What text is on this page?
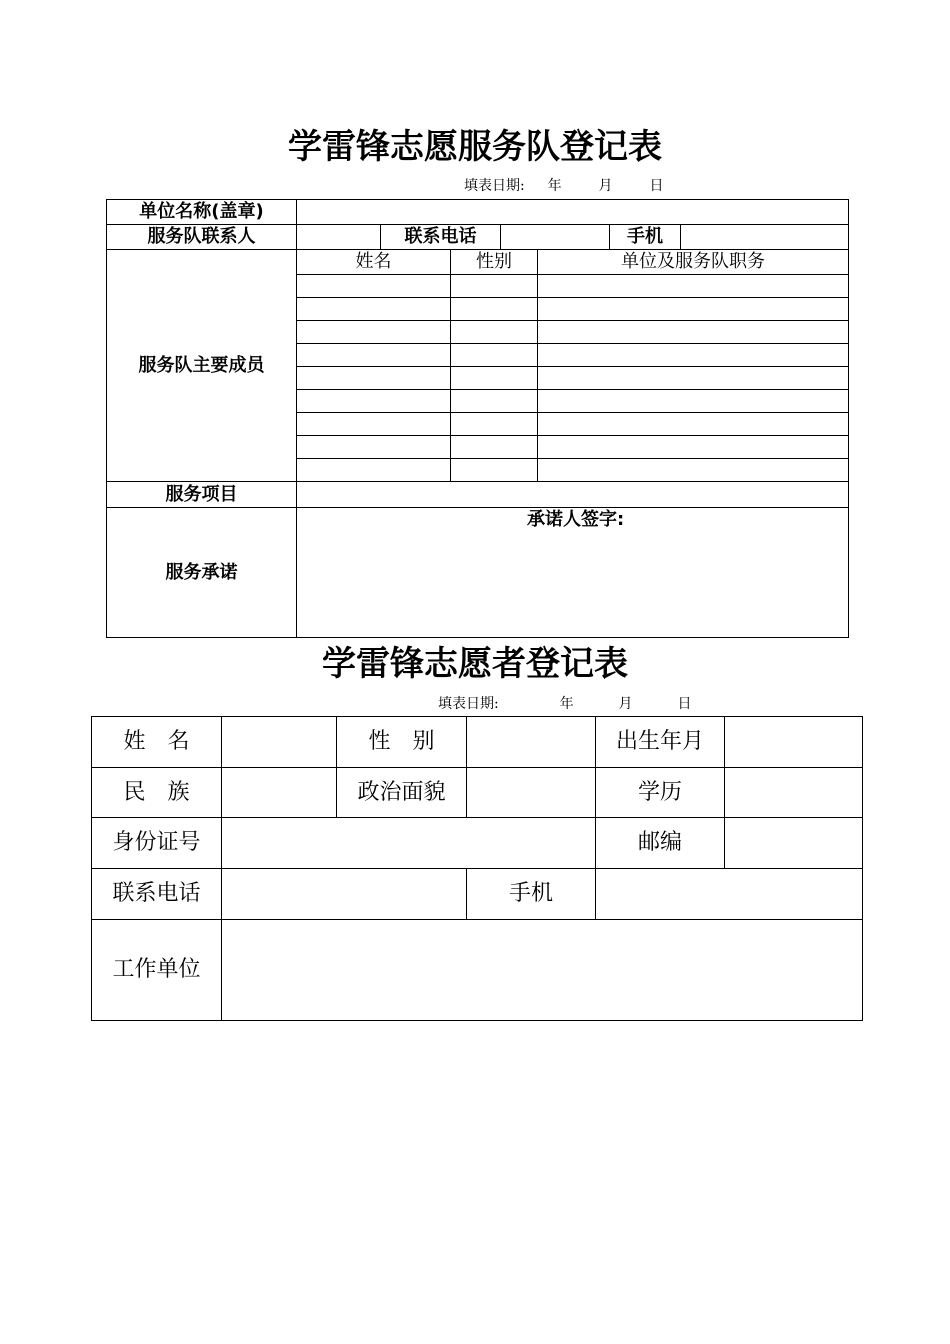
学雷锋志愿服务队登记表
填表日期: 年	月	日
单位名称(盖章)							
服务队联系人		联系电话				手机	
服务队主要成员	姓名		性别		单位及服务队职务		

服务项目							
服务承诺	承诺人签字:						
学雷锋志愿者登记表
填表日期:	年	月	日
姓　名		性　别		出生年月	
民　族		政治面貌		学历	
身份证号				邮编	
联系电话			手机		
工作单位					
